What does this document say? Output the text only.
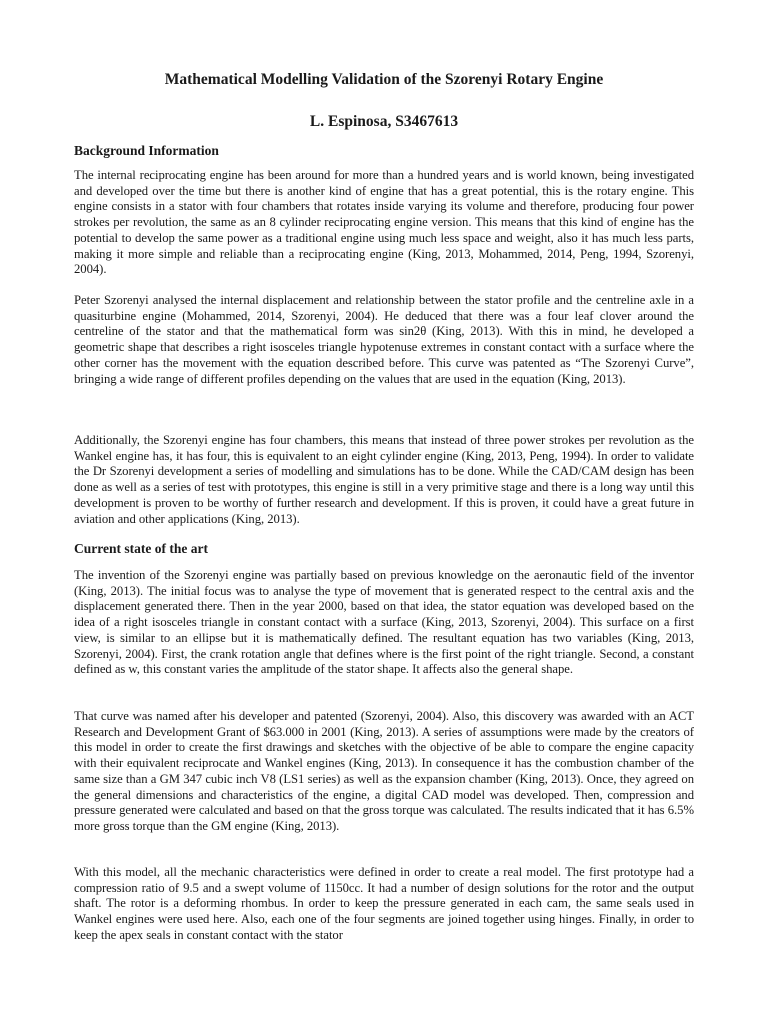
Mathematical Modelling Validation of the Szorenyi Rotary Engine
L. Espinosa, S3467613
Background Information

The internal reciprocating engine has been around for more than a hundred years and is world known, being investigated and developed over the time but there is another kind of engine that has a great potential, this is the rotary engine. This engine consists in a stator with four chambers that rotates inside varying its volume and therefore, producing four power strokes per revolution, the same as an 8 cylinder reciprocating engine version. This means that this kind of engine has the potential to develop the same power as a traditional engine using much less space and weight, also it has much less parts, making it more simple and reliable than a reciprocating engine (King, 2013, Mohammed, 2014, Peng, 1994, Szorenyi, 2004).

Peter Szorenyi analysed the internal displacement and relationship between the stator profile and the centreline axle in a quasiturbine engine (Mohammed, 2014, Szorenyi, 2004). He deduced that there was a four leaf clover around the centreline of the stator and that the mathematical form was sin2θ (King, 2013). With this in mind, he developed a geometric shape that describes a right isosceles triangle hypotenuse extremes in constant contact with a surface where the other corner has the movement with the equation described before. This curve was patented as “The Szorenyi Curve”, bringing a wide range of different profiles depending on the values that are used in the equation (King, 2013).

Additionally, the Szorenyi engine has four chambers, this means that instead of three power strokes per revolution as the Wankel engine has, it has four, this is equivalent to an eight cylinder engine (King, 2013, Peng, 1994). In order to validate the Dr Szorenyi development a series of modelling and simulations has to be done. While the CAD/CAM design has been done as well as a series of test with prototypes, this engine is still in a very primitive stage and there is a long way until this development is proven to be worthy of further research and development. If this is proven, it could have a great future in aviation and other applications (King, 2013).

Current state of the art

The invention of the Szorenyi engine was partially based on previous knowledge on the aeronautic field of the inventor (King, 2013). The initial focus was to analyse the type of movement that is generated respect to the central axis and the displacement generated there. Then in the year 2000, based on that idea, the stator equation was developed based on the idea of a right isosceles triangle in constant contact with a surface (King, 2013, Szorenyi, 2004). This surface on a first view, is similar to an ellipse but it is mathematically defined. The resultant equation has two variables (King, 2013, Szorenyi, 2004). First, the crank rotation angle that defines where is the first point of the right triangle. Second, a constant defined as w, this constant varies the amplitude of the stator shape. It affects also the general shape.

That curve was named after his developer and patented (Szorenyi, 2004). Also, this discovery was awarded with an ACT Research and Development Grant of $63.000 in 2001 (King, 2013). A series of assumptions were made by the creators of this model in order to create the first drawings and sketches with the objective of be able to compare the engine capacity with their equivalent reciprocate and Wankel engines (King, 2013). In consequence it has the combustion chamber of the same size than a GM 347 cubic inch V8 (LS1 series) as well as the expansion chamber (King, 2013). Once, they agreed on the general dimensions and characteristics of the engine, a digital CAD model was developed. Then, compression and pressure generated were calculated and based on that the gross torque was calculated. The results indicated that it has 6.5% more gross torque than the GM engine (King, 2013).

With this model, all the mechanic characteristics were defined in order to create a real model. The first prototype had a compression ratio of 9.5 and a swept volume of 1150cc. It had a number of design solutions for the rotor and the output shaft. The rotor is a deforming rhombus. In order to keep the pressure generated in each cam, the same seals used in Wankel engines were used here. Also, each one of the four segments are joined together using hinges. Finally, in order to keep the apex seals in constant contact with the stator
